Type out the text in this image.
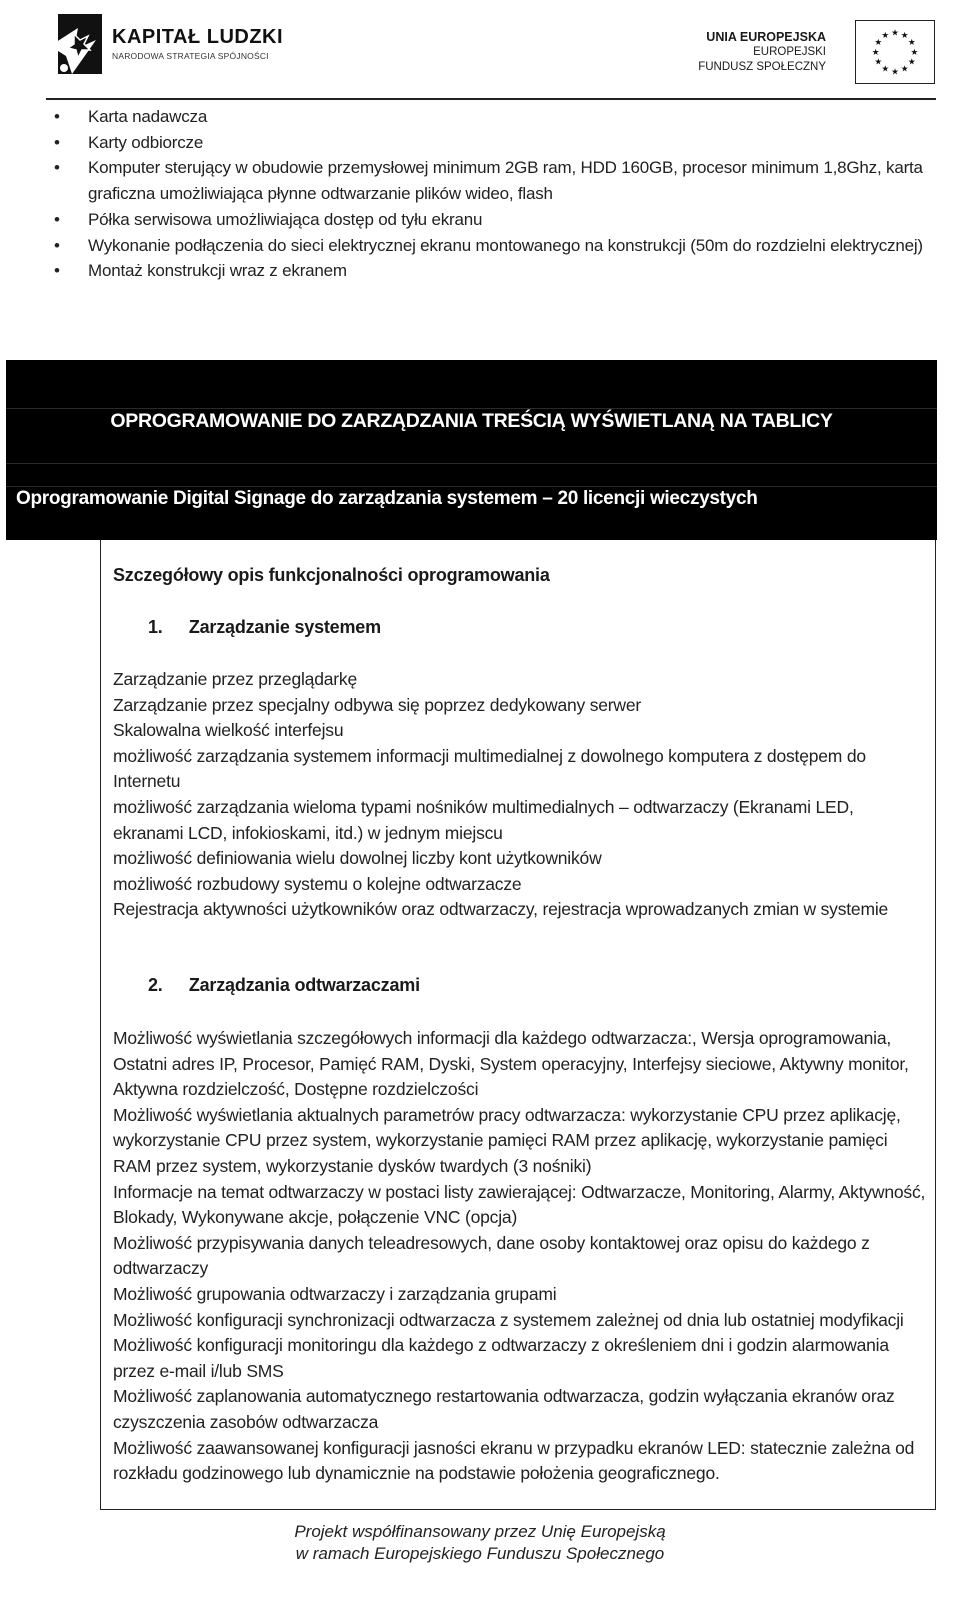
KAPITAŁ LUDZKI
NARODOWA STRATEGIA SPÓJNOŚCI
UNIA EUROPEJSKA
EUROPEJSKI
FUNDUSZ SPOŁECZNY
★
★
★
★
★
★
★
★
★ ★ ★
★
• Karta nadawcza
• Karty odbiorcze
• Komputer sterujący w obudowie przemysłowej minimum 2GB ram, HDD 160GB, procesor minimum 1,8Ghz, karta graficzna umożliwiająca płynne odtwarzanie plików wideo, flash
• Półka serwisowa umożliwiająca dostęp od tyłu ekranu
• Wykonanie podłączenia do sieci elektrycznej ekranu montowanego na konstrukcji (50m do rozdzielni elektrycznej)
• Montaż konstrukcji wraz z ekranem
OPROGRAMOWANIE DO ZARZĄDZANIA TREŚCIĄ WYŚWIETLANĄ NA TABLICY
Oprogramowanie Digital Signage do zarządzania systemem – 20 licencji wieczystych
Szczegółowy opis funkcjonalności oprogramowania
1. Zarządzanie systemem

Zarządzanie przez przeglądarkę

Zarządzanie przez specjalny odbywa się poprzez dedykowany serwer

Skalowalna wielkość interfejsu

możliwość zarządzania systemem informacji multimedialnej z dowolnego komputera z dostępem do Internetu

możliwość zarządzania wieloma typami nośników multimedialnych – odtwarzaczy (Ekranami LED, ekranami LCD, infokioskami, itd.) w jednym miejscu

możliwość definiowania wielu dowolnej liczby kont użytkowników

możliwość rozbudowy systemu o kolejne odtwarzacze

Rejestracja aktywności użytkowników oraz odtwarzaczy, rejestracja wprowadzanych zmian w systemie

2. Zarządzania odtwarzaczami

Możliwość wyświetlania szczegółowych informacji dla każdego odtwarzacza:, Wersja oprogramowania, Ostatni adres IP, Procesor, Pamięć RAM, Dyski, System operacyjny, Interfejsy sieciowe, Aktywny monitor, Aktywna rozdzielczość, Dostępne rozdzielczości

Możliwość wyświetlania aktualnych parametrów pracy odtwarzacza: wykorzystanie CPU przez aplikację, wykorzystanie CPU przez system, wykorzystanie pamięci RAM przez aplikację, wykorzystanie pamięci RAM przez system, wykorzystanie dysków twardych (3 nośniki)

Informacje na temat odtwarzaczy w postaci listy zawierającej: Odtwarzacze, Monitoring, Alarmy, Aktywność, Blokady, Wykonywane akcje, połączenie VNC (opcja)

Możliwość przypisywania danych teleadresowych, dane osoby kontaktowej oraz opisu do każdego z odtwarzaczy

Możliwość grupowania odtwarzaczy i zarządzania grupami

Możliwość konfiguracji synchronizacji odtwarzacza z systemem zależnej od dnia lub ostatniej modyfikacji

Możliwość konfiguracji monitoringu dla każdego z odtwarzaczy z określeniem dni i godzin alarmowania przez e-mail i/lub SMS

Możliwość zaplanowania automatycznego restartowania odtwarzacza, godzin wyłączania ekranów oraz czyszczenia zasobów odtwarzacza

Możliwość zaawansowanej konfiguracji jasności ekranu w przypadku ekranów LED: statecznie zależna od rozkładu godzinowego lub dynamicznie na podstawie położenia geograficznego.

Projekt współfinansowany przez Unię Europejską
w ramach Europejskiego Funduszu Społecznego
